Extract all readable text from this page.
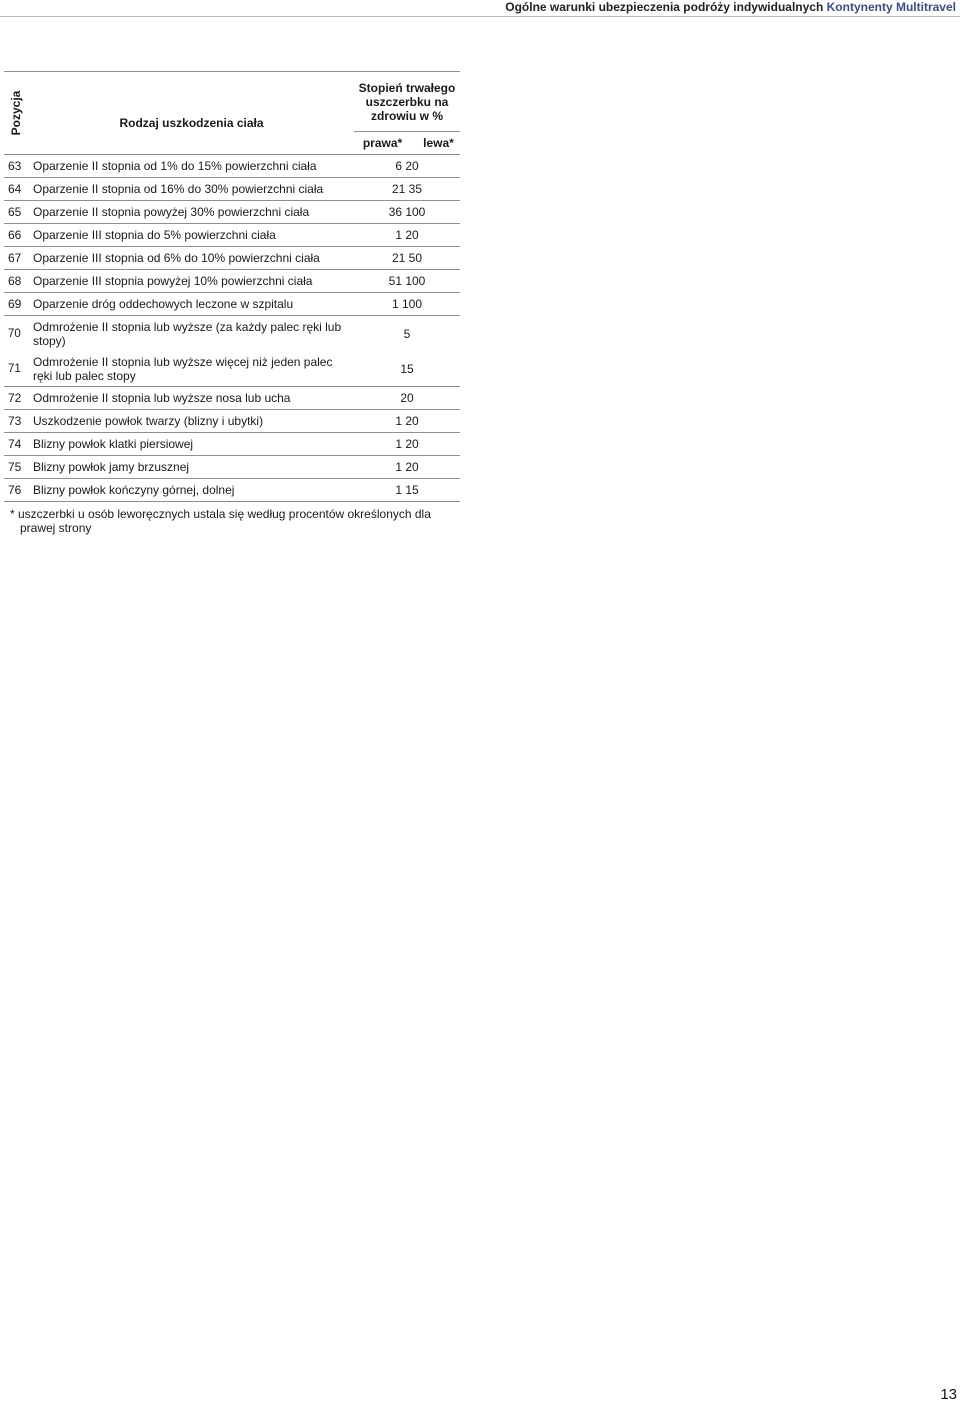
Ogólne warunki ubezpieczenia podróży indywidualnych Kontynenty Multitravel
Pozycja	Rodzaj uszkodzenia ciała	Stopień trwałego uszczerbku na zdrowiu w %	
		prawa*	lewa*
63	Oparzenie II stopnia od 1% do 15% powierzchni ciała	6 20	
64	Oparzenie II stopnia od 16% do 30% powierzchni ciała	21 35	
65	Oparzenie II stopnia powyżej 30% powierzchni ciała	36 100	
66	Oparzenie III stopnia do 5% powierzchni ciała	1 20	
67	Oparzenie III stopnia od 6% do 10% powierzchni ciała	21 50	
68	Oparzenie III stopnia powyżej 10% powierzchni ciała	51 100	
69	Oparzenie dróg oddechowych leczone w szpitalu	1 100	
70	Odmrożenie II stopnia lub wyższe (za każdy palec ręki lub stopy)	5	
71	Odmrożenie II stopnia lub wyższe więcej niż jeden palec ręki lub palec stopy	15	
72	Odmrożenie II stopnia lub wyższe nosa lub ucha	20	
73	Uszkodzenie powłok twarzy (blizny i ubytki)	1 20	
74	Blizny powłok klatki piersiowej	1 20	
75	Blizny powłok jamy brzusznej	1 20	
76	Blizny powłok kończyny górnej, dolnej	1 15	
* uszczerbki u osób leworęcznych ustala się według procentów określonych dla prawej strony
13
